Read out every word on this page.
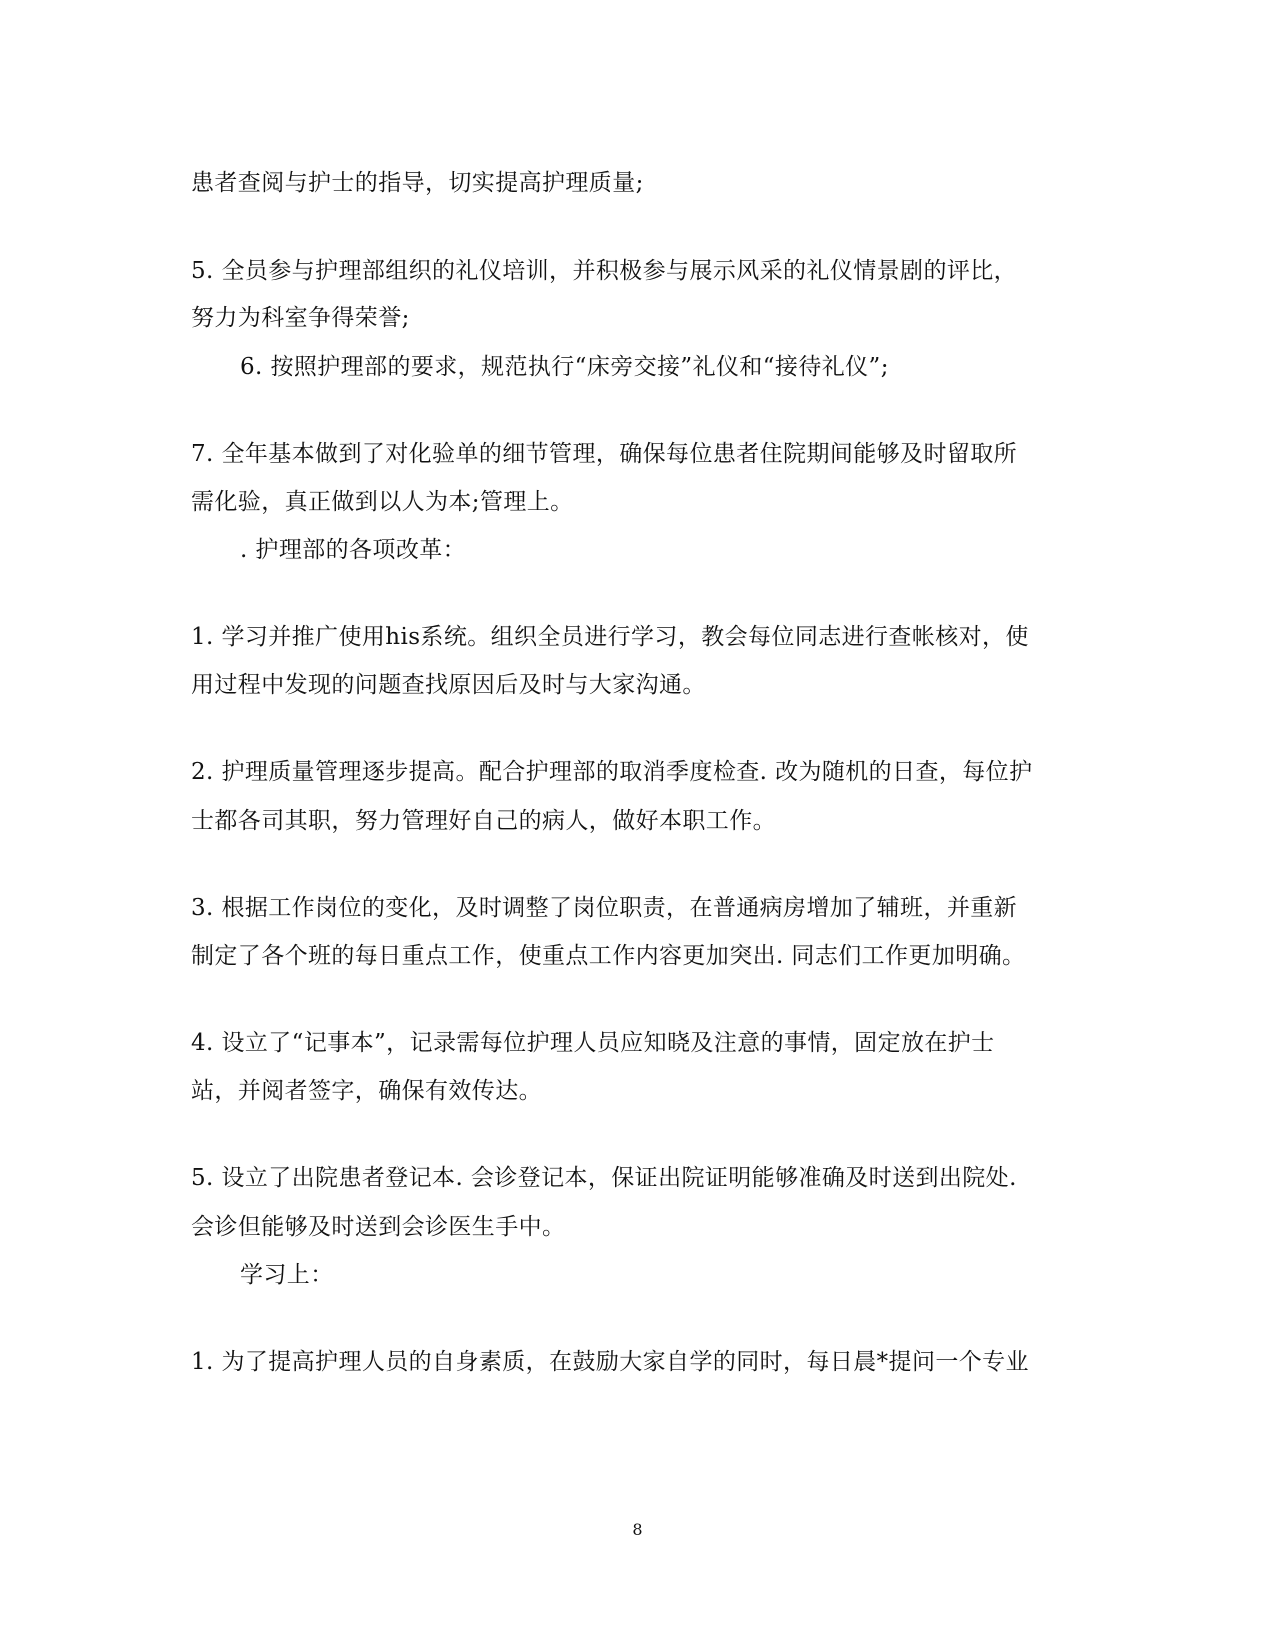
患者查阅与护士的指导，切实提高护理质量;
5. 全员参与护理部组织的礼仪培训，并积极参与展示风采的礼仪情景剧的评比，
努力为科室争得荣誉;
6. 按照护理部的要求，规范执行“床旁交接”礼仪和“接待礼仪”;
7. 全年基本做到了对化验单的细节管理，确保每位患者住院期间能够及时留取所
需化验，真正做到以人为本;管理上。
. 护理部的各项改革：
1. 学习并推广使用his系统。组织全员进行学习，教会每位同志进行查帐核对，使
用过程中发现的问题查找原因后及时与大家沟通。
2. 护理质量管理逐步提高。配合护理部的取消季度检查. 改为随机的日查，每位护
士都各司其职，努力管理好自己的病人，做好本职工作。
3. 根据工作岗位的变化，及时调整了岗位职责，在普通病房增加了辅班，并重新
制定了各个班的每日重点工作，使重点工作内容更加突出. 同志们工作更加明确。
4. 设立了“记事本”，记录需每位护理人员应知晓及注意的事情，固定放在护士
站，并阅者签字，确保有效传达。
5. 设立了出院患者登记本. 会诊登记本，保证出院证明能够准确及时送到出院处.
会诊但能够及时送到会诊医生手中。
学习上：
1. 为了提高护理人员的自身素质，在鼓励大家自学的同时，每日晨*提问一个专业
8
